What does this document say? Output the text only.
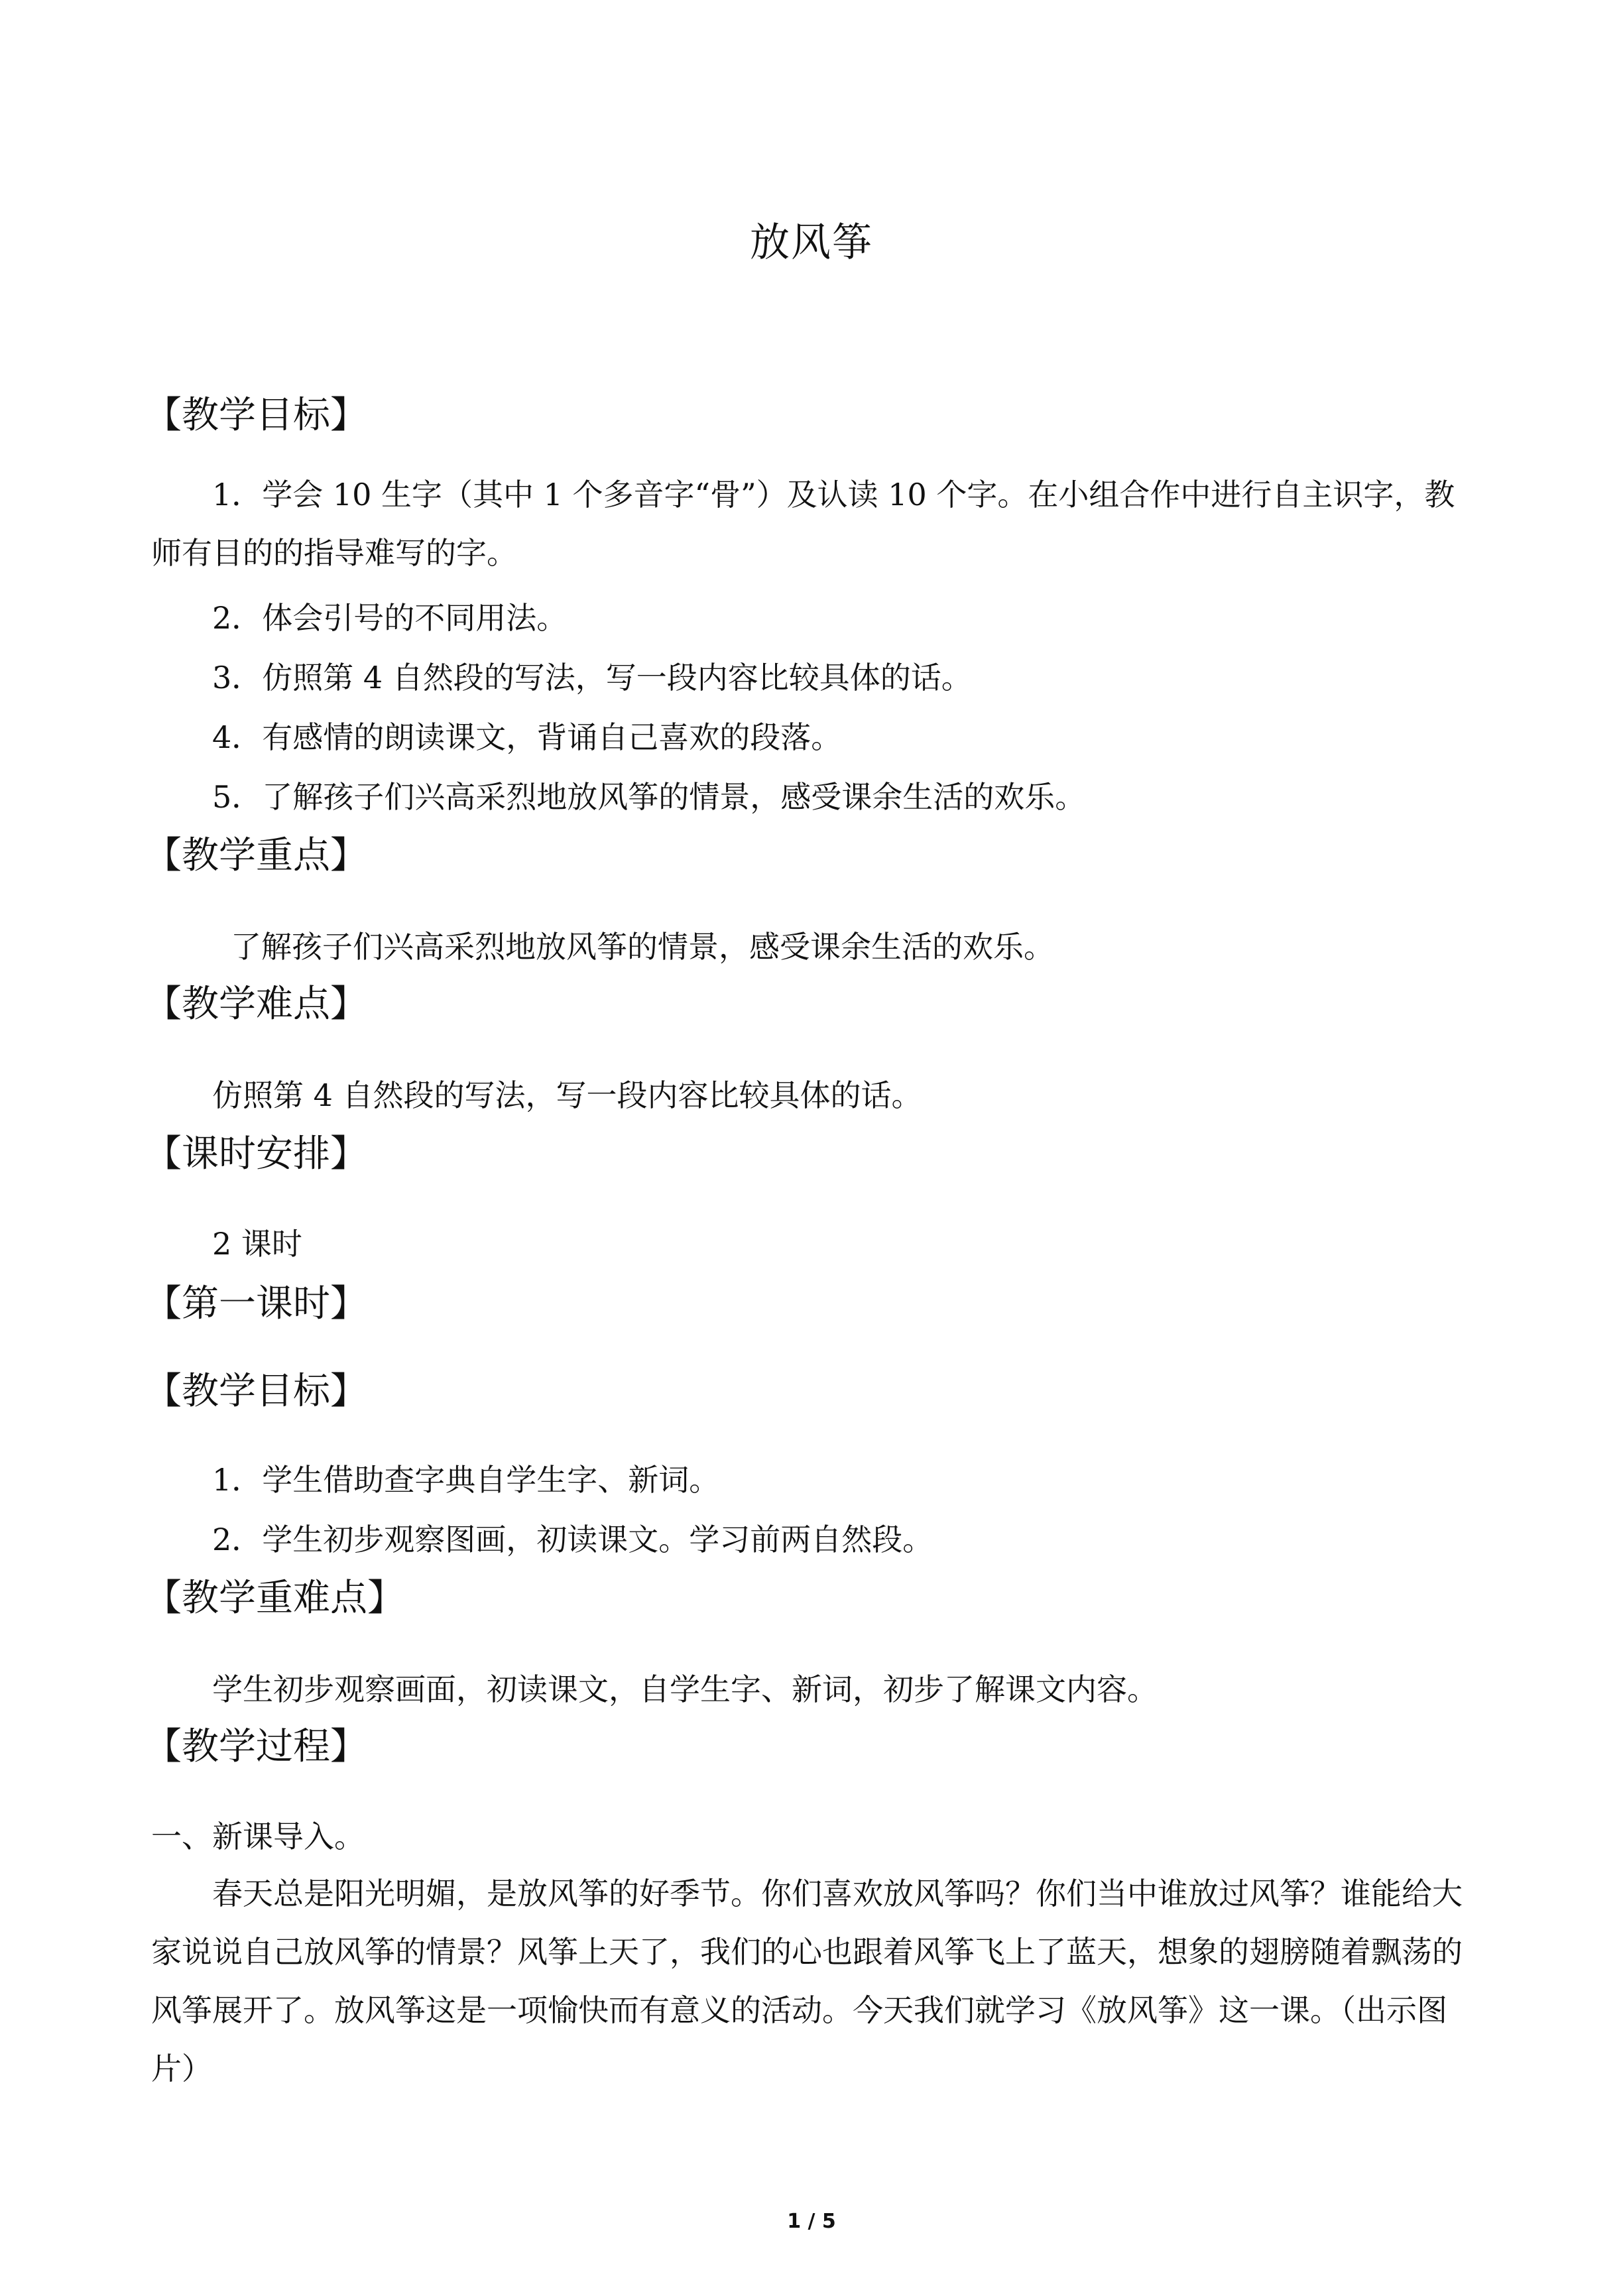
放风筝
【教学目标】
1．学会 10 生字（其中 1 个多音字“骨”）及认读 10 个字。在小组合作中进行自主识字，教师有目的的指导难写的字。
2．体会引号的不同用法。
3．仿照第 4 自然段的写法，写一段内容比较具体的话。
4．有感情的朗读课文，背诵自己喜欢的段落。
5．了解孩子们兴高采烈地放风筝的情景，感受课余生活的欢乐。
【教学重点】
了解孩子们兴高采烈地放风筝的情景，感受课余生活的欢乐。
【教学难点】
仿照第 4 自然段的写法，写一段内容比较具体的话。
【课时安排】
2 课时
【第一课时】
【教学目标】
1．学生借助查字典自学生字、新词。
2．学生初步观察图画，初读课文。学习前两自然段。
【教学重难点】
学生初步观察画面，初读课文，自学生字、新词，初步了解课文内容。
【教学过程】
一、新课导入。
春天总是阳光明媚，是放风筝的好季节。你们喜欢放风筝吗？你们当中谁放过风筝？谁能给大家说说自己放风筝的情景？风筝上天了，我们的心也跟着风筝飞上了蓝天，想象的翅膀随着飘荡的风筝展开了。放风筝这是一项愉快而有意义的活动。今天我们就学习《放风筝》这一课。（出示图片）
1 / 5
